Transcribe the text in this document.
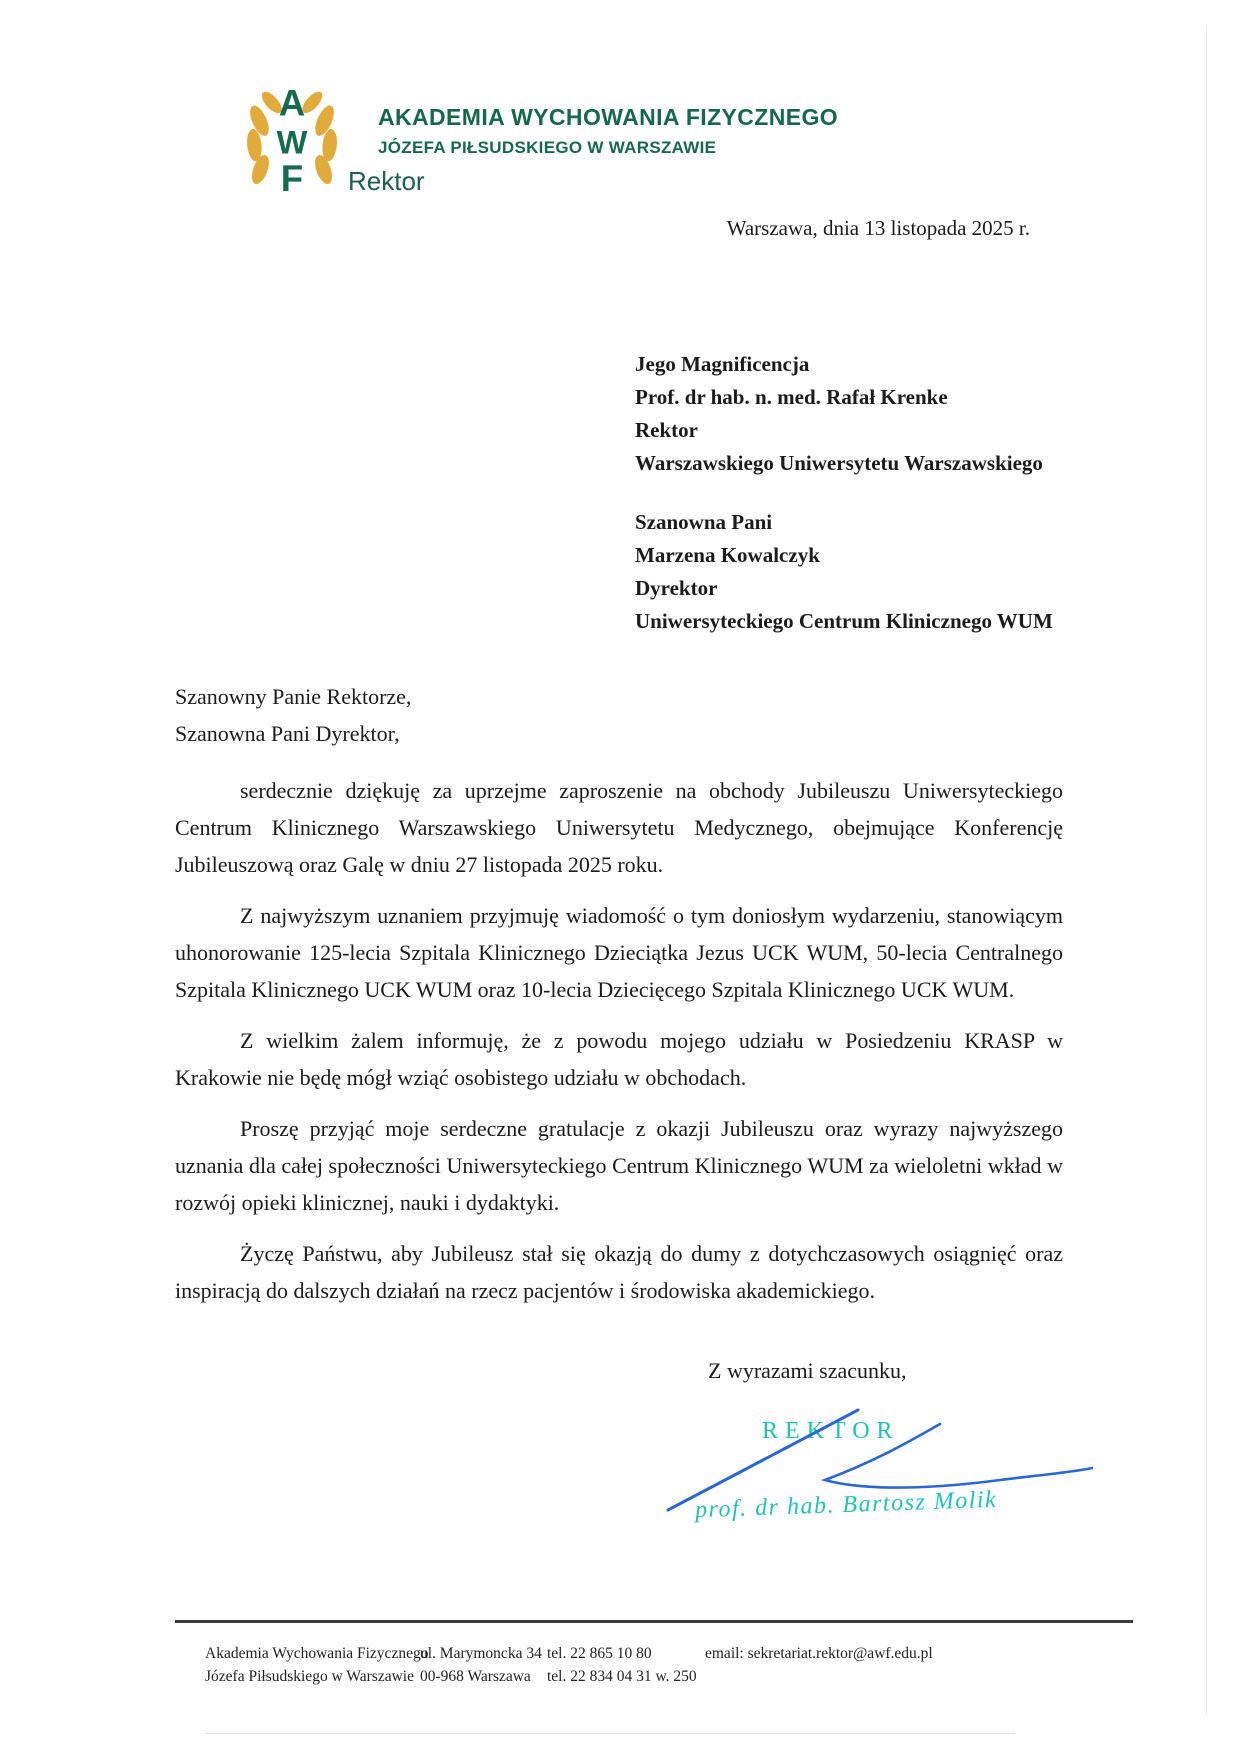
A
W
F
AKADEMIA WYCHOWANIA FIZYCZNEGO
JÓZEFA PIŁSUDSKIEGO W WARSZAWIE
Rektor
Warszawa, dnia 13 listopada 2025 r.
Jego Magnificencja
Prof. dr hab. n. med. Rafał Krenke
Rektor
Warszawskiego Uniwersytetu Warszawskiego
Szanowna Pani
Marzena Kowalczyk
Dyrektor
Uniwersyteckiego Centrum Klinicznego WUM
Szanowny Panie Rektorze,
Szanowna Pani Dyrektor,

serdecznie dziękuję za uprzejme zaproszenie na obchody Jubileuszu Uniwersyteckiego Centrum Klinicznego Warszawskiego Uniwersytetu Medycznego, obejmujące Konferencję Jubileuszową oraz Galę w dniu 27 listopada 2025 roku.

Z najwyższym uznaniem przyjmuję wiadomość o tym doniosłym wydarzeniu, stanowiącym uhonorowanie 125-lecia Szpitala Klinicznego Dzieciątka Jezus UCK WUM, 50-lecia Centralnego Szpitala Klinicznego UCK WUM oraz 10-lecia Dziecięcego Szpitala Klinicznego UCK WUM.

Z wielkim żalem informuję, że z powodu mojego udziału w Posiedzeniu KRASP w Krakowie nie będę mógł wziąć osobistego udziału w obchodach.

Proszę przyjąć moje serdeczne gratulacje z okazji Jubileuszu oraz wyrazy najwyższego uznania dla całej społeczności Uniwersyteckiego Centrum Klinicznego WUM za wieloletni wkład w rozwój opieki klinicznej, nauki i dydaktyki.

Życzę Państwu, aby Jubileusz stał się okazją do dumy z dotychczasowych osiągnięć oraz inspiracją do dalszych działań na rzecz pacjentów i środowiska akademickiego.

Z wyrazami szacunku,
REKTOR
prof. dr hab. Bartosz Molik
Akademia Wychowania Fizycznego
Józefa Piłsudskiego w Warszawie
ul. Marymoncka 34
00-968 Warszawa
tel. 22 865 10 80
tel. 22 834 04 31 w. 250
email: sekretariat.rektor@awf.edu.pl
